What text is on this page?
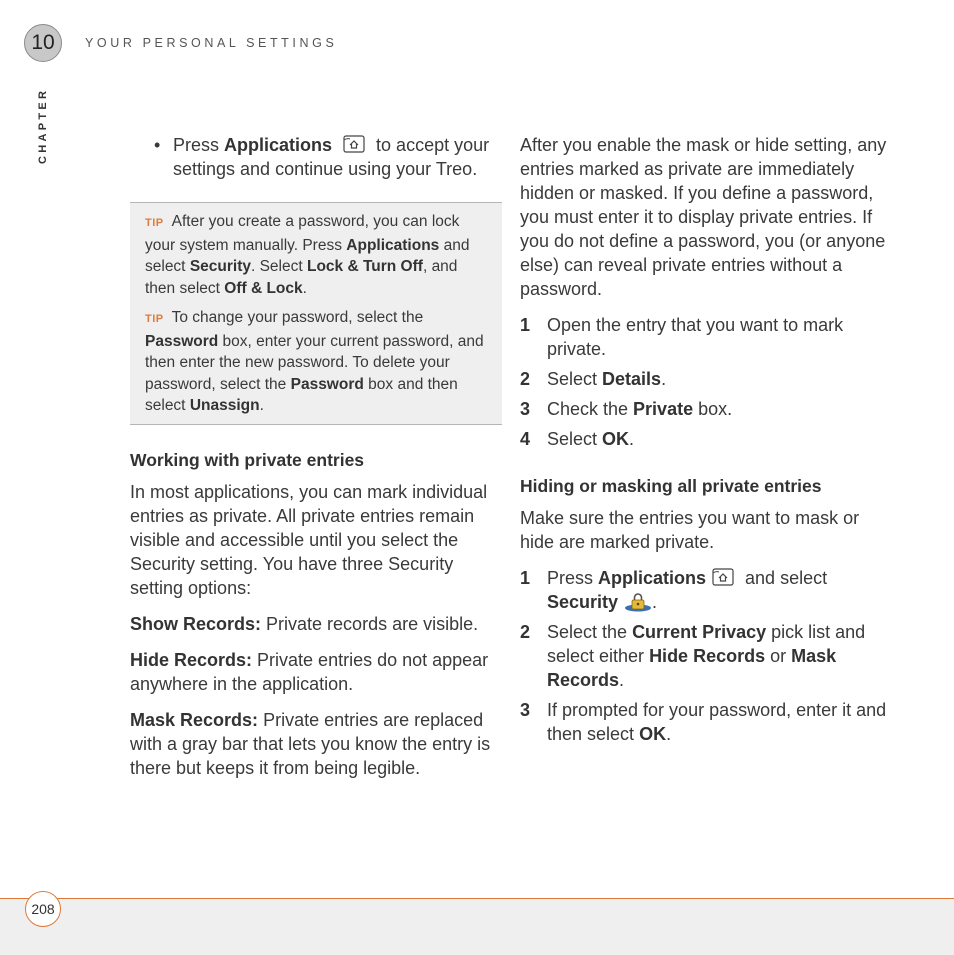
10 YOUR PERSONAL SETTINGS
CHAPTER	• Press Applications  to accept your settings and continue using your Treo.

TIP After you create a password, you can lock your system manually. Press Applications and select Security. Select Lock & Turn Off, and then select Off & Lock.

TIP To change your password, select the Password box, enter your current password, and then enter the new password. To delete your password, select the Password box and then select Unassign.

Working with private entries

In most applications, you can mark individual entries as private. All private entries remain visible and accessible until you select the Security setting. You have three Security setting options:

Show Records: Private records are visible.

Hide Records: Private entries do not appear anywhere in the application.

Mask Records: Private entries are replaced with a gray bar that lets you know the entry is there but keeps it from being legible.

After you enable the mask or hide setting, any entries marked as private are immediately hidden or masked. If you define a password, you must enter it to display private entries. If you do not define a password, you (or anyone else) can reveal private entries without a password.

1 Open the entry that you want to mark private.

2 Select Details.

3 Check the Private box.

4 Select OK.

Hiding or masking all private entries

Make sure the entries you want to mask or hide are marked private.

1 Press Applications and select Security .

2 Select the Current Privacy pick list and select either Hide Records or Mask Records.

3 If prompted for your password, enter it and then select OK.

208
